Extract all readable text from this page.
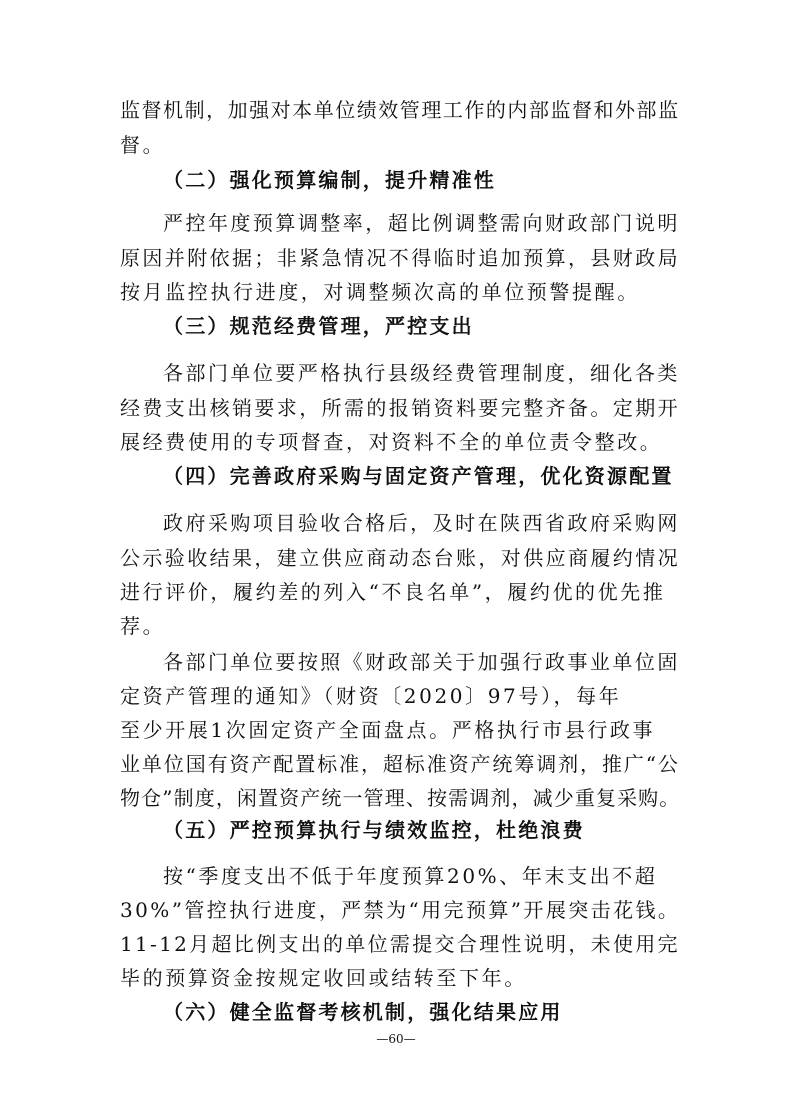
监督机制，加强对本单位绩效管理工作的内部监督和外部监
督。
（二）强化预算编制，提升精准性
严控年度预算调整率，超比例调整需向财政部门说明
原因并附依据；非紧急情况不得临时追加预算，县财政局
按月监控执行进度，对调整频次高的单位预警提醒。
（三）规范经费管理，严控支出
各部门单位要严格执行县级经费管理制度，细化各类
经费支出核销要求，所需的报销资料要完整齐备。定期开
展经费使用的专项督查，对资料不全的单位责令整改。
（四）完善政府采购与固定资产管理，优化资源配置
政府采购项目验收合格后，及时在陕西省政府采购网
公示验收结果，建立供应商动态台账，对供应商履约情况
进行评价，履约差的列入“不良名单”，履约优的优先推
荐。
各部门单位要按照《财政部关于加强行政事业单位固
定资产管理的通知》（财资〔2020〕97号），每年
至少开展1次固定资产全面盘点。严格执行市县行政事
业单位国有资产配置标准，超标准资产统筹调剂，推广“公
物仓”制度，闲置资产统一管理、按需调剂，减少重复采购。
（五）严控预算执行与绩效监控，杜绝浪费
按“季度支出不低于年度预算20%、年末支出不超
30%”管控执行进度，严禁为“用完预算”开展突击花钱。
11-12月超比例支出的单位需提交合理性说明，未使用完
毕的预算资金按规定收回或结转至下年。
（六）健全监督考核机制，强化结果应用
—60—
